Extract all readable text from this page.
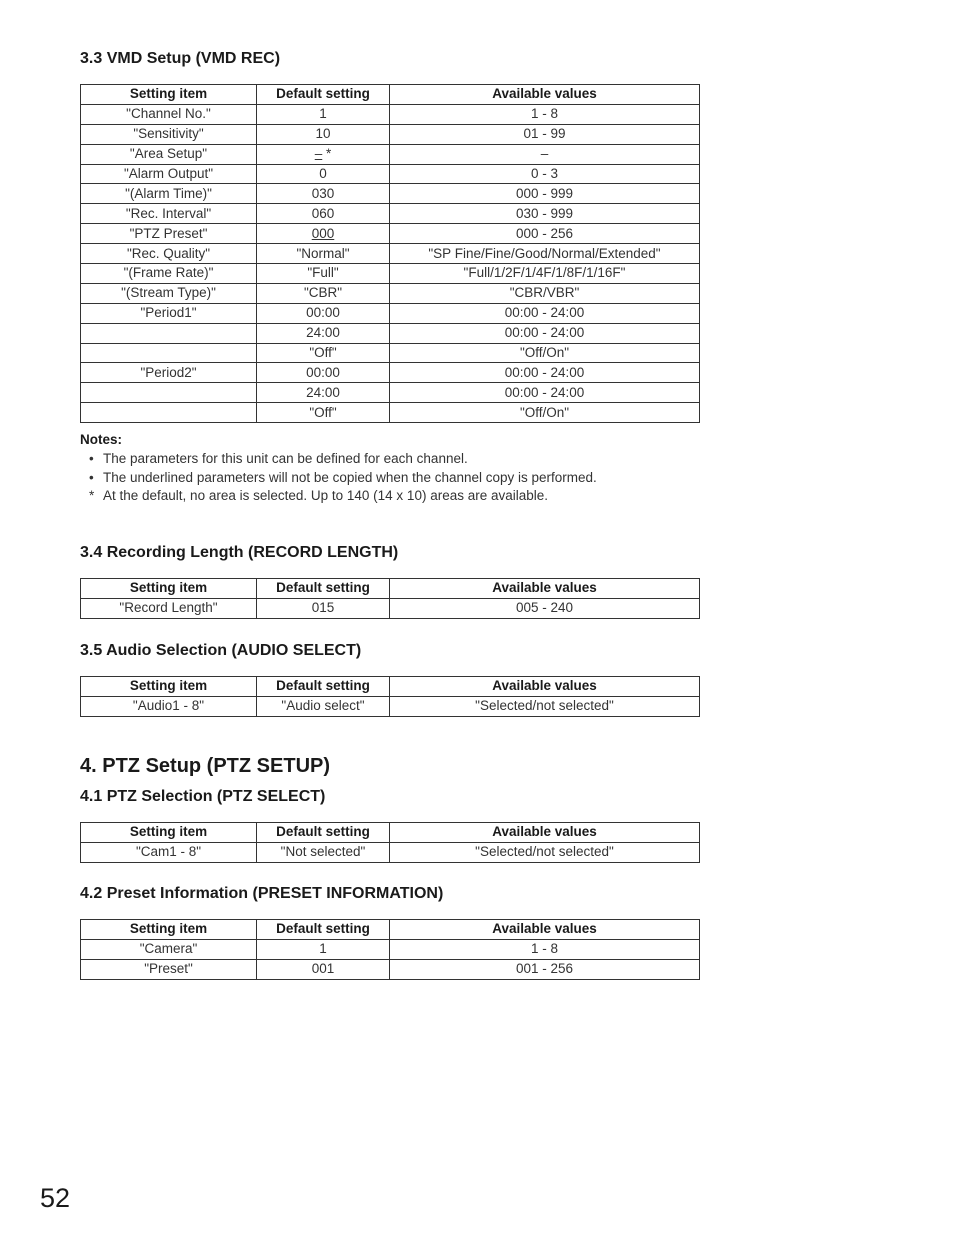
3.3 VMD Setup (VMD REC)
Setting item	Default setting	Available values
"Channel No."	1	1 - 8
"Sensitivity"	10	01 - 99
"Area Setup"	– *	–
"Alarm Output"	0	0 - 3
"(Alarm Time)"	030	000 - 999
"Rec. Interval"	060	030 - 999
"PTZ Preset"	000	000 - 256
"Rec. Quality"	"Normal"	"SP Fine/Fine/Good/Normal/Extended"
"(Frame Rate)"	"Full"	"Full/1/2F/1/4F/1/8F/1/16F"
"(Stream Type)"	"CBR"	"CBR/VBR"
"Period1"	00:00	00:00 - 24:00
	24:00	00:00 - 24:00
	"Off"	"Off/On"
"Period2"	00:00	00:00 - 24:00
	24:00	00:00 - 24:00
	"Off"	"Off/On"
Notes:
• The parameters for this unit can be defined for each channel.
• The underlined parameters will not be copied when the channel copy is performed.
* At the default, no area is selected. Up to 140 (14 x 10) areas are available.
3.4 Recording Length (RECORD LENGTH)
Setting item	Default setting	Available values
"Record Length"	015	005 - 240
3.5 Audio Selection (AUDIO SELECT)
Setting item	Default setting	Available values
"Audio1 - 8"	"Audio select"	"Selected/not selected"
4. PTZ Setup (PTZ SETUP)
4.1 PTZ Selection (PTZ SELECT)
Setting item	Default setting	Available values
"Cam1 - 8"	"Not selected"	"Selected/not selected"
4.2 Preset Information (PRESET INFORMATION)
Setting item	Default setting	Available values
"Camera"	1	1 - 8
"Preset"	001	001 - 256
52
